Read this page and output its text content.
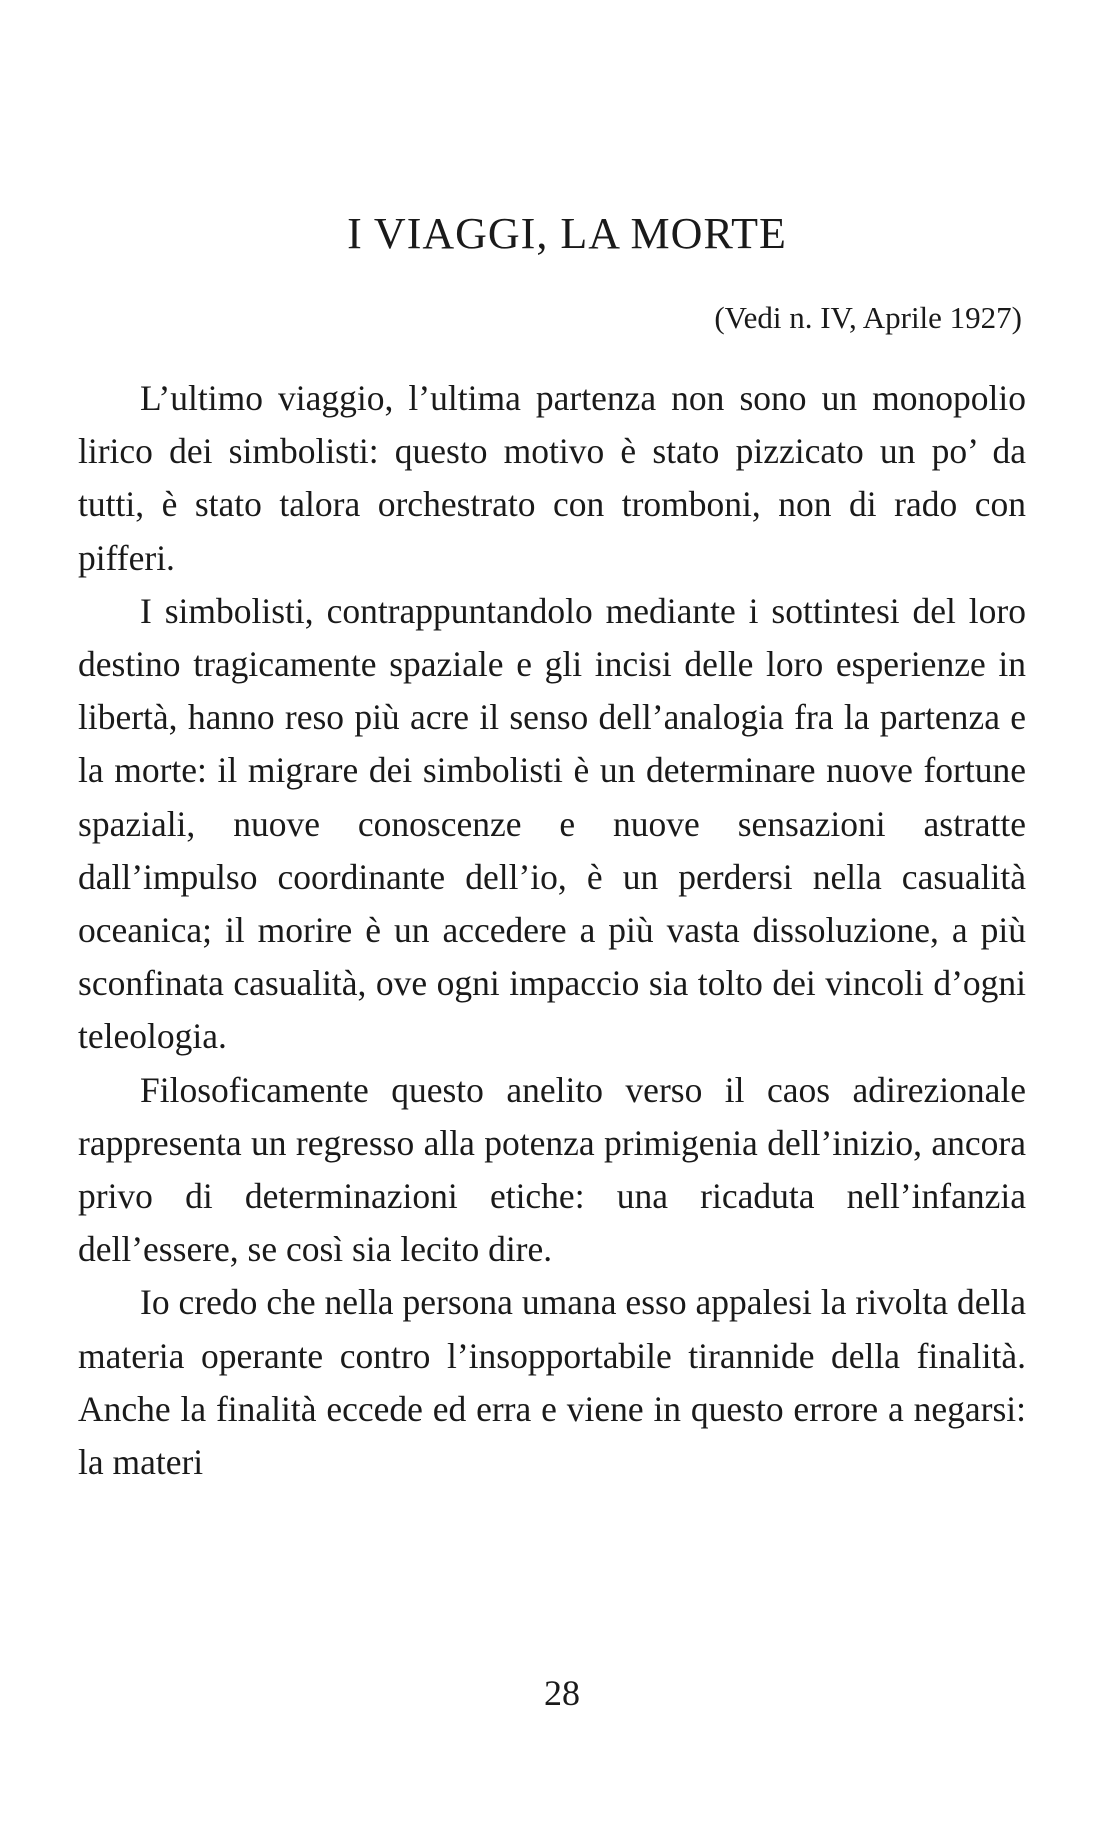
I VIAGGI, LA MORTE

(Vedi n. IV, Aprile 1927)

L’ultimo viaggio, l’ultima partenza non sono un monopolio lirico dei simbolisti: questo motivo è stato pizzicato un po’ da tutti, è stato talora orchestrato con tromboni, non di rado con pifferi.

I simbolisti, contrappuntandolo mediante i sottintesi del loro destino tragicamente spaziale e gli incisi delle loro esperienze in libertà, hanno reso più acre il senso dell’analogia fra la partenza e la morte: il migrare dei simbolisti è un determinare nuove fortune spaziali, nuove conoscenze e nuove sensazioni astratte dall’impulso coordinante dell’io, è un perdersi nella casualità oceanica; il morire è un accedere a più vasta dissoluzione, a più sconfinata casualità, ove ogni impaccio sia tolto dei vincoli d’ogni teleologia.

Filosoficamente questo anelito verso il caos adirezionale rappresenta un regresso alla potenza primigenia dell’inizio, ancora privo di determinazioni etiche: una ricaduta nell’infanzia dell’essere, se così sia lecito dire.

Io credo che nella persona umana esso appalesi la rivolta della materia operante contro l’insopportabile tirannide della finalità. Anche la finalità eccede ed erra e viene in questo errore a negarsi: la materi

28
